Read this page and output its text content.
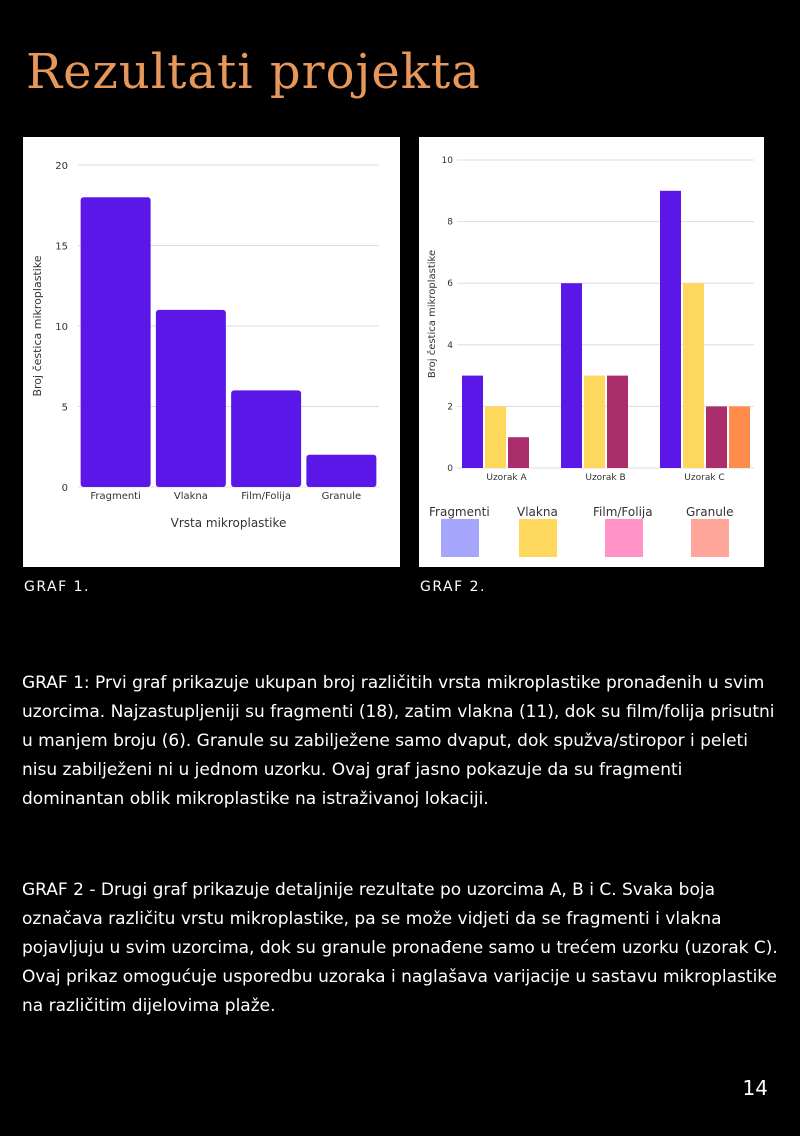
Rezultati projekta
0
5
10
15
20
Fragmenti	Vlakna	Film/Folija	Granule
Vrsta mikroplastike
Broj čestica mikroplastike
0
2
4
6
8
10
Uzorak A	Uzorak B	Uzorak C
Broj čestica mikroplastike
Fragmenti Vlakna	Film/Folija	Granule
GRAF 1.	GRAF 2.

GRAF 1: Prvi graf prikazuje ukupan broj različitih vrsta mikroplastike pronađenih u svim uzorcima. Najzastupljeniji su fragmenti (18), zatim vlakna (11), dok su film/folija prisutni u manjem broju (6). Granule su zabilježene samo dvaput, dok spužva/stiropor i peleti nisu zabilježeni ni u jednom uzorku. Ovaj graf jasno pokazuje da su fragmenti dominantan oblik mikroplastike na istraživanoj lokaciji.

GRAF 2 - Drugi graf prikazuje detaljnije rezultate po uzorcima A, B i C. Svaka boja označava različitu vrstu mikroplastike, pa se može vidjeti da se fragmenti i vlakna pojavljuju u svim uzorcima, dok su granule pronađene samo u trećem uzorku (uzorak C). Ovaj prikaz omogućuje usporedbu uzoraka i naglašava varijacije u sastavu mikroplastike na različitim dijelovima plaže.

14
